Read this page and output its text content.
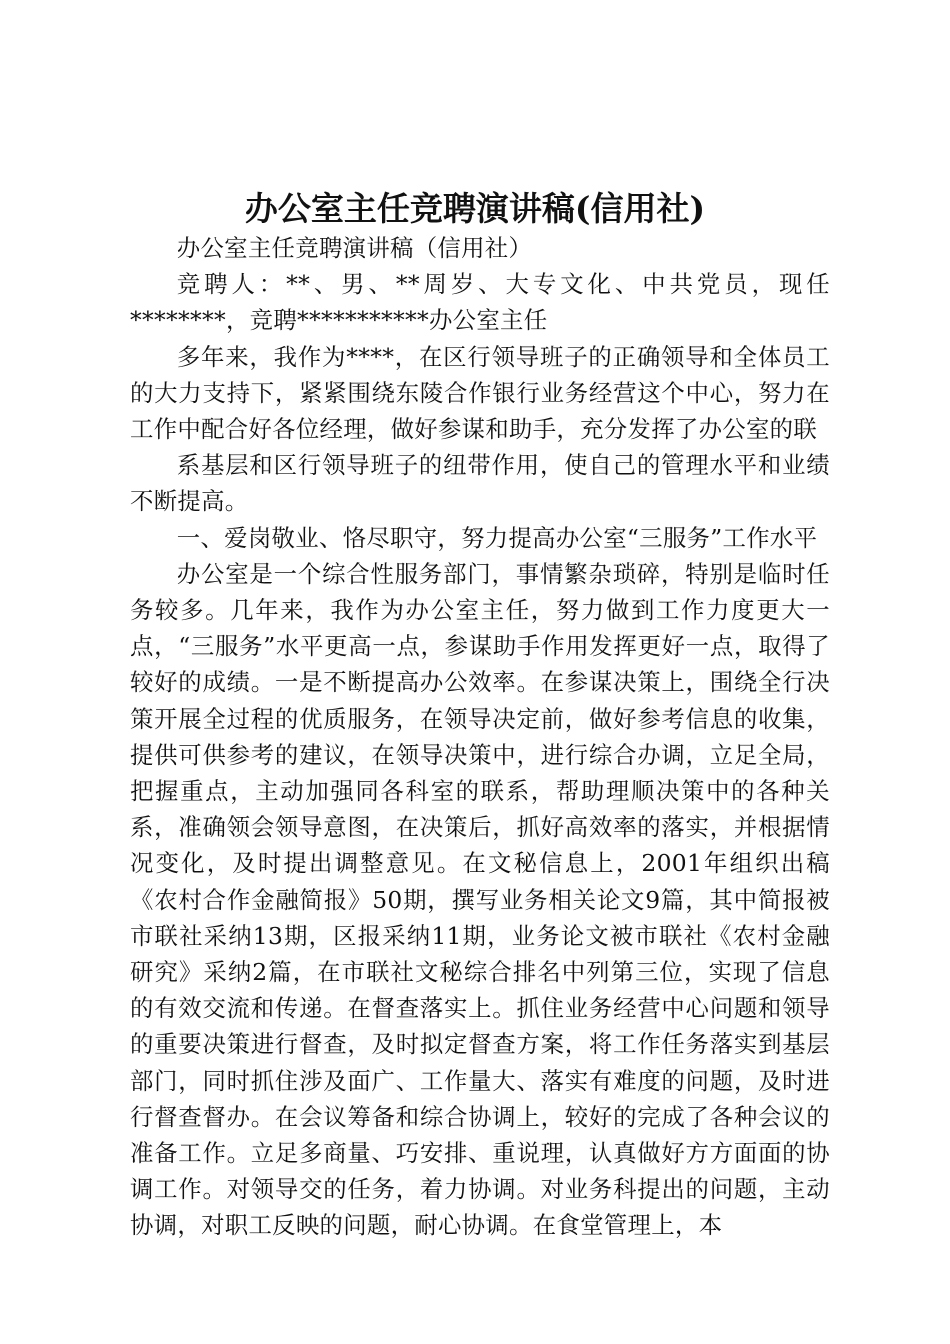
办公室主任竞聘演讲稿(信用社)

办公室主任竞聘演讲稿（信用社）

竞聘人：**、男、**周岁、大专文化、中共党员，现任********，竞聘***********办公室主任

多年来，我作为****，在区行领导班子的正确领导和全体员工的大力支持下，紧紧围绕东陵合作银行业务经营这个中心，努力在工作中配合好各位经理，做好参谋和助手，充分发挥了办公室的联

系基层和区行领导班子的纽带作用，使自己的管理水平和业绩不断提高。

一、爱岗敬业、恪尽职守，努力提高办公室“三服务”工作水平

办公室是一个综合性服务部门，事情繁杂琐碎，特别是临时任务较多。几年来，我作为办公室主任，努力做到工作力度更大一点，“三服务”水平更高一点，参谋助手作用发挥更好一点，取得了较好的成绩。一是不断提高办公效率。在参谋决策上，围绕全行决策开展全过程的优质服务，在领导决定前，做好参考信息的收集，提供可供参考的建议，在领导决策中，进行综合办调，立足全局，把握重点，主动加强同各科室的联系，帮助理顺决策中的各种关系，准确领会领导意图，在决策后，抓好高效率的落实，并根据情况变化，及时提出调整意见。在文秘信息上，2001年组织出稿《农村合作金融简报》50期，撰写业务相关论文9篇，其中简报被市联社采纳13期，区报采纳11期，业务论文被市联社《农村金融研究》采纳2篇，在市联社文秘综合排名中列第三位，实现了信息的有效交流和传递。在督查落实上。抓住业务经营中心问题和领导的重要决策进行督查，及时拟定督查方案，将工作任务落实到基层部门，同时抓住涉及面广、工作量大、落实有难度的问题，及时进行督查督办。在会议筹备和综合协调上，较好的完成了各种会议的准备工作。立足多商量、巧安排、重说理，认真做好方方面面的协调工作。对领导交的任务，着力协调。对业务科提出的问题，主动协调，对职工反映的问题，耐心协调。在食堂管理上，本
